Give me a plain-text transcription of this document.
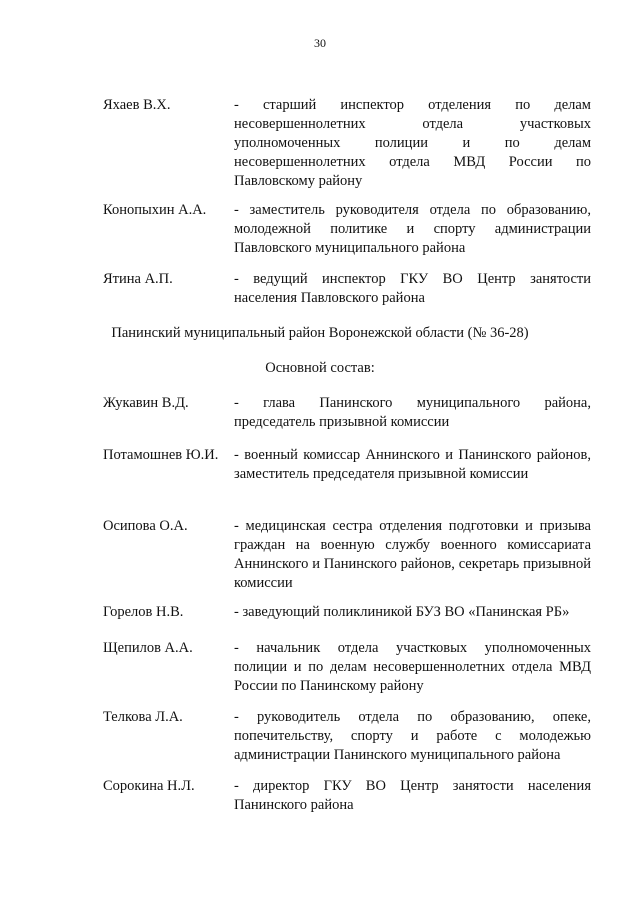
30
Яхаев В.Х.	- старший инспектор отделения по делам несовершеннолетних отдела участковых уполномоченных полиции и по делам несовершеннолетних отдела МВД России по Павловскому району
Конопыхин А.А.	- заместитель руководителя отдела по образованию, молодежной политике и спорту администрации Павловского муниципального района
Ятина А.П.	- ведущий инспектор ГКУ ВО Центр занятости населения Павловского района
Панинский муниципальный район Воронежской области (№ 36-28)
Основной состав:
Жукавин В.Д.	- глава Панинского муниципального района, председатель призывной комиссии
Потамошнев Ю.И.	- военный комиссар Аннинского и Панинского районов, заместитель председателя призывной комиссии
Осипова О.А.	- медицинская сестра отделения подготовки и призыва граждан на военную службу военного комиссариата Аннинского и Панинского районов, секретарь призывной комиссии
Горелов Н.В.	- заведующий поликлиникой БУЗ ВО «Панинская РБ»
Щепилов А.А.	- начальник отдела участковых уполномоченных полиции и по делам несовершеннолетних отдела МВД России по Панинскому району
Телкова Л.А.	- руководитель отдела по образованию, опеке, попечительству, спорту и работе с молодежью администрации Панинского муниципального района
Сорокина Н.Л.	- директор ГКУ ВО Центр занятости населения Панинского района
